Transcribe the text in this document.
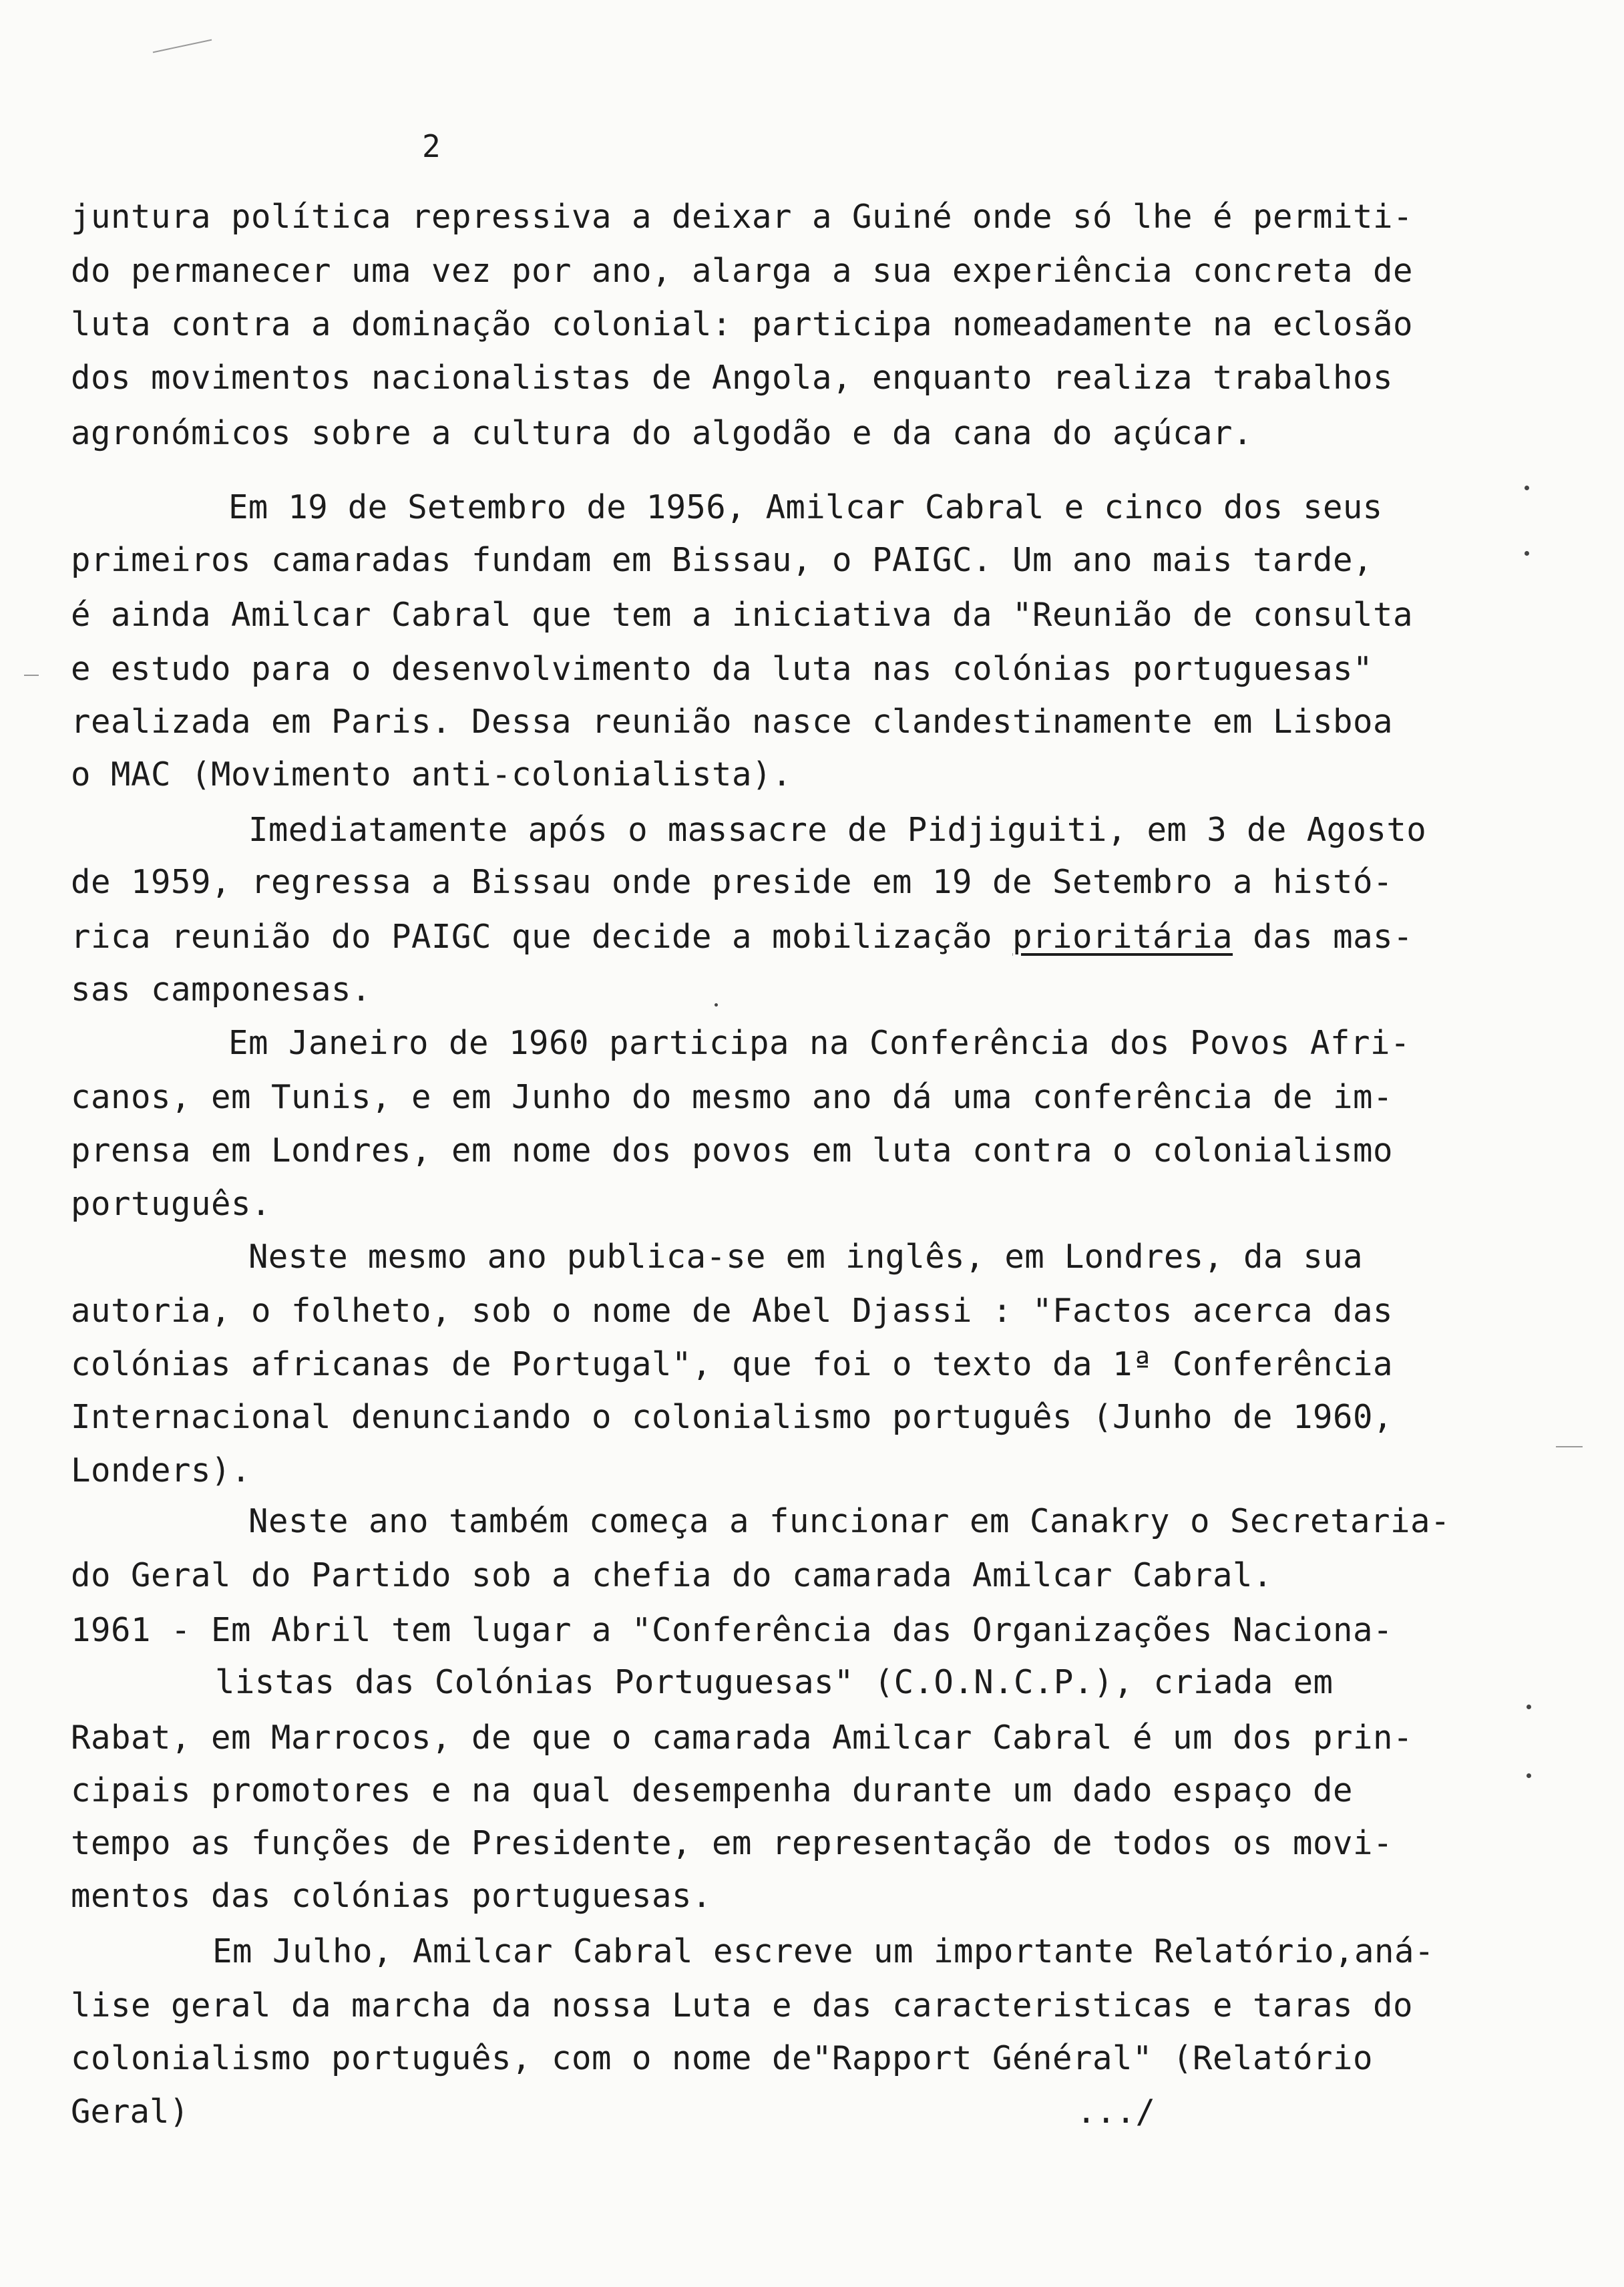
2
juntura política repressiva a deixar a Guiné onde só lhe é permiti-
do permanecer uma vez por ano, alarga a sua experiência concreta de
luta contra a dominação colonial: participa nomeadamente na eclosão
dos movimentos nacionalistas de Angola, enquanto realiza trabalhos
agronómicos sobre a cultura do algodão e da cana do açúcar.
Em 19 de Setembro de 1956, Amilcar Cabral e cinco dos seus
primeiros camaradas fundam em Bissau, o PAIGC. Um ano mais tarde,
é ainda Amilcar Cabral que tem a iniciativa da "Reunião de consulta
e estudo para o desenvolvimento da luta nas colónias portuguesas"
realizada em Paris. Dessa reunião nasce clandestinamente em Lisboa
o MAC (Movimento anti-colonialista).
Imediatamente após o massacre de Pidjiguiti, em 3 de Agosto
de 1959, regressa a Bissau onde preside em 19 de Setembro a histó-
rica reunião do PAIGC que decide a mobilização prioritária das mas-
sas camponesas.
Em Janeiro de 1960 participa na Conferência dos Povos Afri-
canos, em Tunis, e em Junho do mesmo ano dá uma conferência de im-
prensa em Londres, em nome dos povos em luta contra o colonialismo
português.
Neste mesmo ano publica-se em inglês, em Londres, da sua
autoria, o folheto, sob o nome de Abel Djassi : "Factos acerca das
colónias africanas de Portugal", que foi o texto da 1ª Conferência
Internacional denunciando o colonialismo português (Junho de 1960,
Londers).
Neste ano também começa a funcionar em Canakry o Secretaria-
do Geral do Partido sob a chefia do camarada Amilcar Cabral.
1961 - Em Abril tem lugar a "Conferência das Organizações Naciona-
listas das Colónias Portuguesas" (C.O.N.C.P.), criada em
Rabat, em Marrocos, de que o camarada Amilcar Cabral é um dos prin-
cipais promotores e na qual desempenha durante um dado espaço de
tempo as funções de Presidente, em representação de todos os movi-
mentos das colónias portuguesas.
Em Julho, Amilcar Cabral escreve um importante Relatório,aná-
lise geral da marcha da nossa Luta e das caracteristicas e taras do
colonialismo português, com o nome de"Rapport Général" (Relatório
Geral)	.../
